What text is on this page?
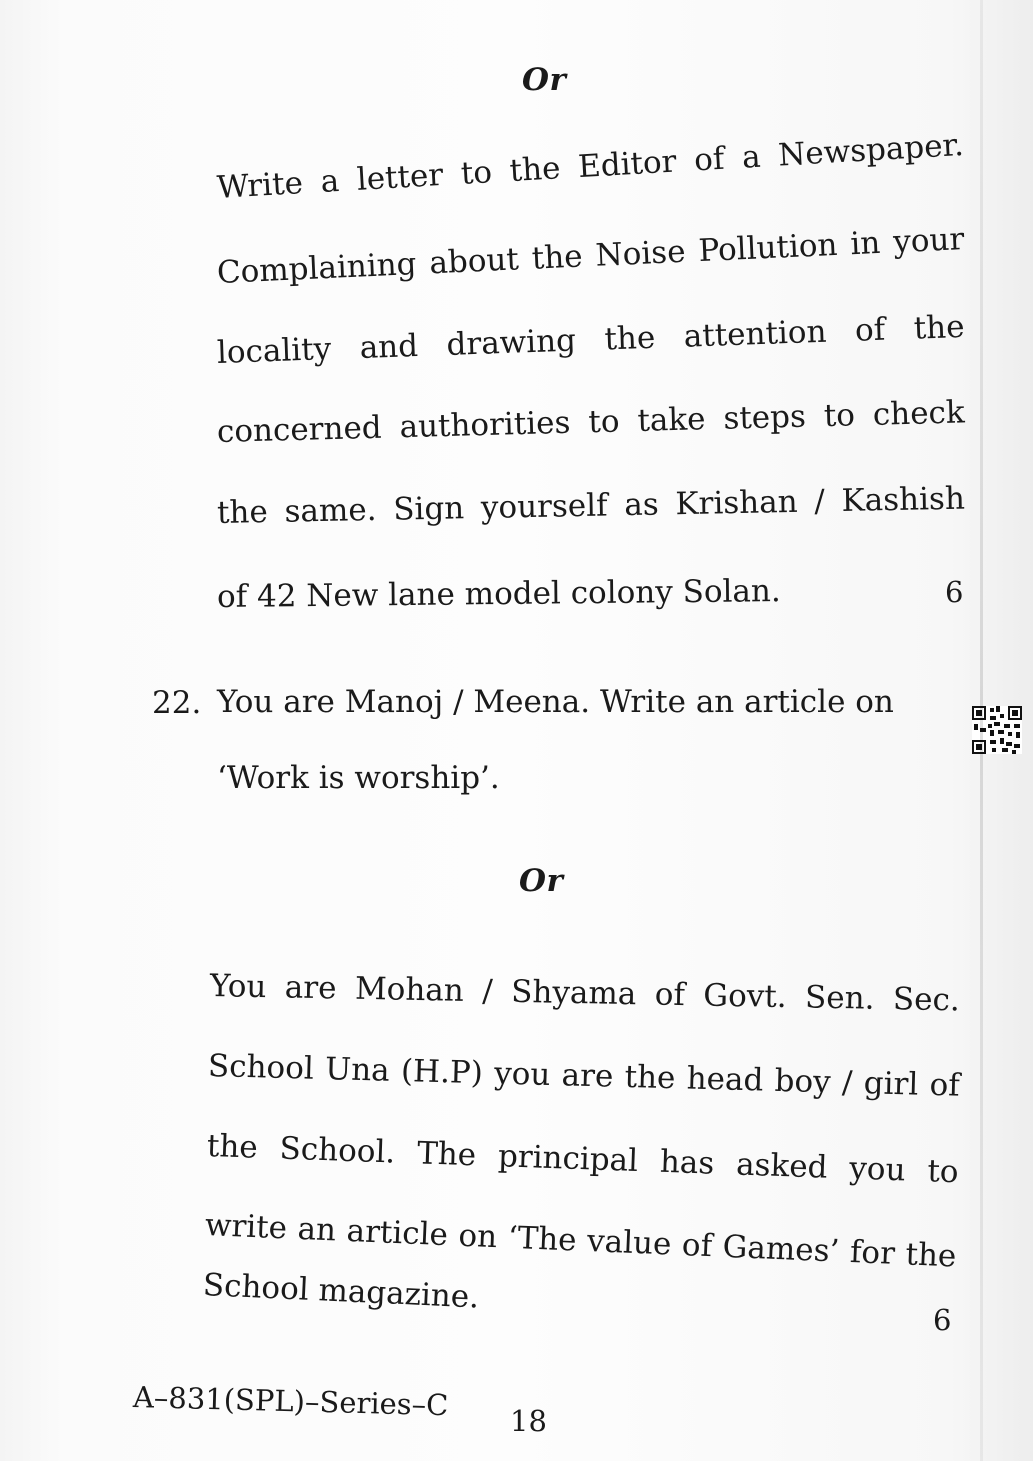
Or
Write a letter to the Editor of a Newspaper.
Complaining about the Noise Pollution in your
locality and drawing the attention of the
concerned authorities to take steps to check
the same. Sign yourself as Krishan / Kashish
of 42 New lane model colony Solan.	6
22. You are Manoj / Meena. Write an article on
‘Work is worship’.
Or
You are Mohan / Shyama of Govt. Sen. Sec.
School Una (H.P) you are the head boy / girl of
the School. The principal has asked you to
write an article on ‘The value of Games’ for the
School magazine.
6
A–831(SPL)–Series–C 18
